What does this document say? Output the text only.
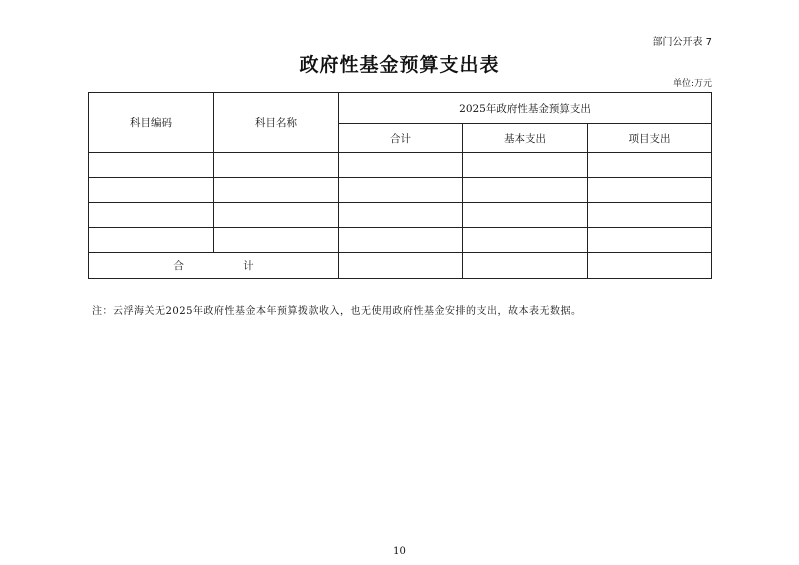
部门公开表 7
政府性基金预算支出表
单位:万元
科目编码	科目名称	2025年政府性基金预算支出		
		合计	基本支出	项目支出

合 计				
注：云浮海关无2025年政府性基金本年预算拨款收入，也无使用政府性基金安排的支出，故本表无数据。
10
